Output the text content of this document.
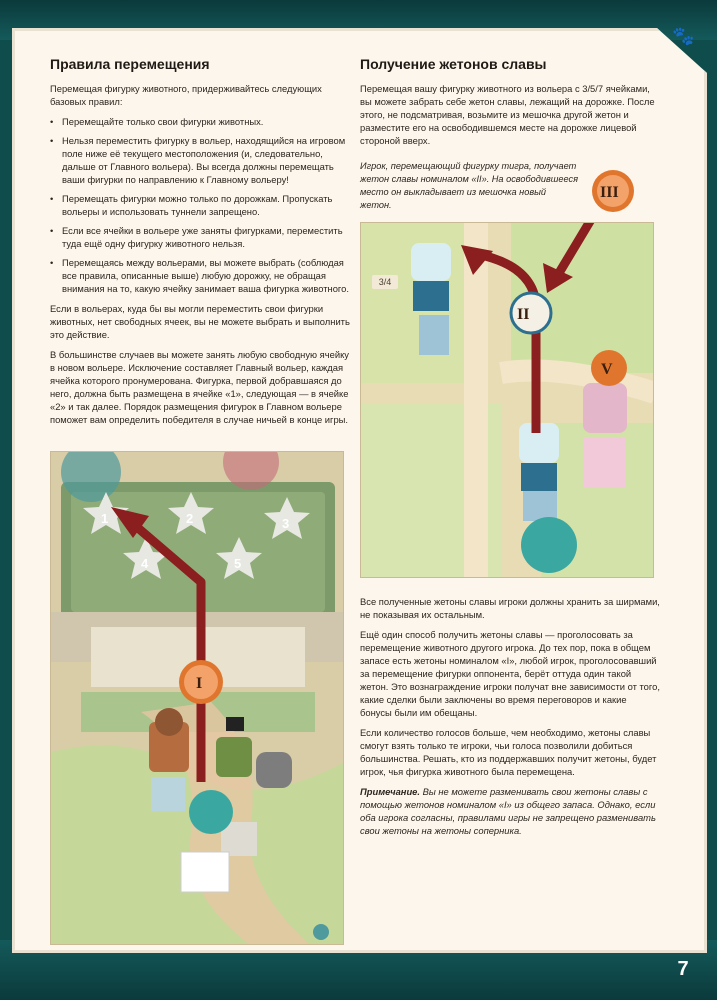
🐾
7
Правила перемещения

Перемещая фигурку животного, придерживайтесь следующих базовых правил:

• Перемещайте только свои фигурки животных.
• Нельзя переместить фигурку в вольер, находящийся на игровом поле ниже её текущего местоположения (и, следовательно, дальше от Главного вольера). Вы всегда должны перемещать ваши фигурки по направлению к Главному вольеру!
• Перемещать фигурки можно только по дорожкам. Пропускать вольеры и использовать туннели запрещено.
• Если все ячейки в вольере уже заняты фигурками, переместить туда ещё одну фигурку животного нельзя.
• Перемещаясь между вольерами, вы можете выбрать (соблюдая все правила, описанные выше) любую дорожку, не обращая внимания на то, какую ячейку занимает ваша фигурка животного.

Если в вольерах, куда бы вы могли переместить свои фигурки животных, нет свободных ячеек, вы не можете выбрать и выполнить это действие.

В большинстве случаев вы можете занять любую свободную ячейку в новом вольере. Исключение составляет Главный вольер, каждая ячейка которого пронумерована. Фигурка, первой добравшаяся до него, должна быть размещена в ячейке «1», следующая — в ячейке «2» и так далее. Порядок размещения фигурок в Главном вольере поможет вам определить победителя в случае ничьей в конце игры.

1	2	3
4	5
I
Получение жетонов славы

Перемещая вашу фигурку животного из вольера с 3/5/7 ячейками, вы можете забрать себе жетон славы, лежащий на дорожке. После этого, не подсматривая, возьмите из мешочка другой жетон и разместите его на освободившемся месте на дорожке лицевой стороной вверх.

Игрок, перемещающий фигурку тигра, получает жетон славы номиналом «II». На освободившееся место он выкладывает из мешочка новый жетон.
II
V
3/4
III

Все полученные жетоны славы игроки должны хранить за ширмами, не показывая их остальным.

Ещё один способ получить жетоны славы — проголосовать за перемещение животного другого игрока. До тех пор, пока в общем запасе есть жетоны номиналом «I», любой игрок, проголосовавший за перемещение фигурки оппонента, берёт оттуда один такой жетон. Это вознаграждение игроки получат вне зависимости от того, какие сделки были заключены во время переговоров и какие бонусы были им обещаны.

Если количество голосов больше, чем необходимо, жетоны славы смогут взять только те игроки, чьи голоса позволили добиться большинства. Решать, кто из поддержавших получит жетоны, будет игрок, чья фигурка животного была перемещена.

Примечание. Вы не можете разменивать свои жетоны славы с помощью жетонов номиналом «I» из общего запаса. Однако, если оба игрока согласны, правилами игры не запрещено разменивать свои жетоны на жетоны соперника.
